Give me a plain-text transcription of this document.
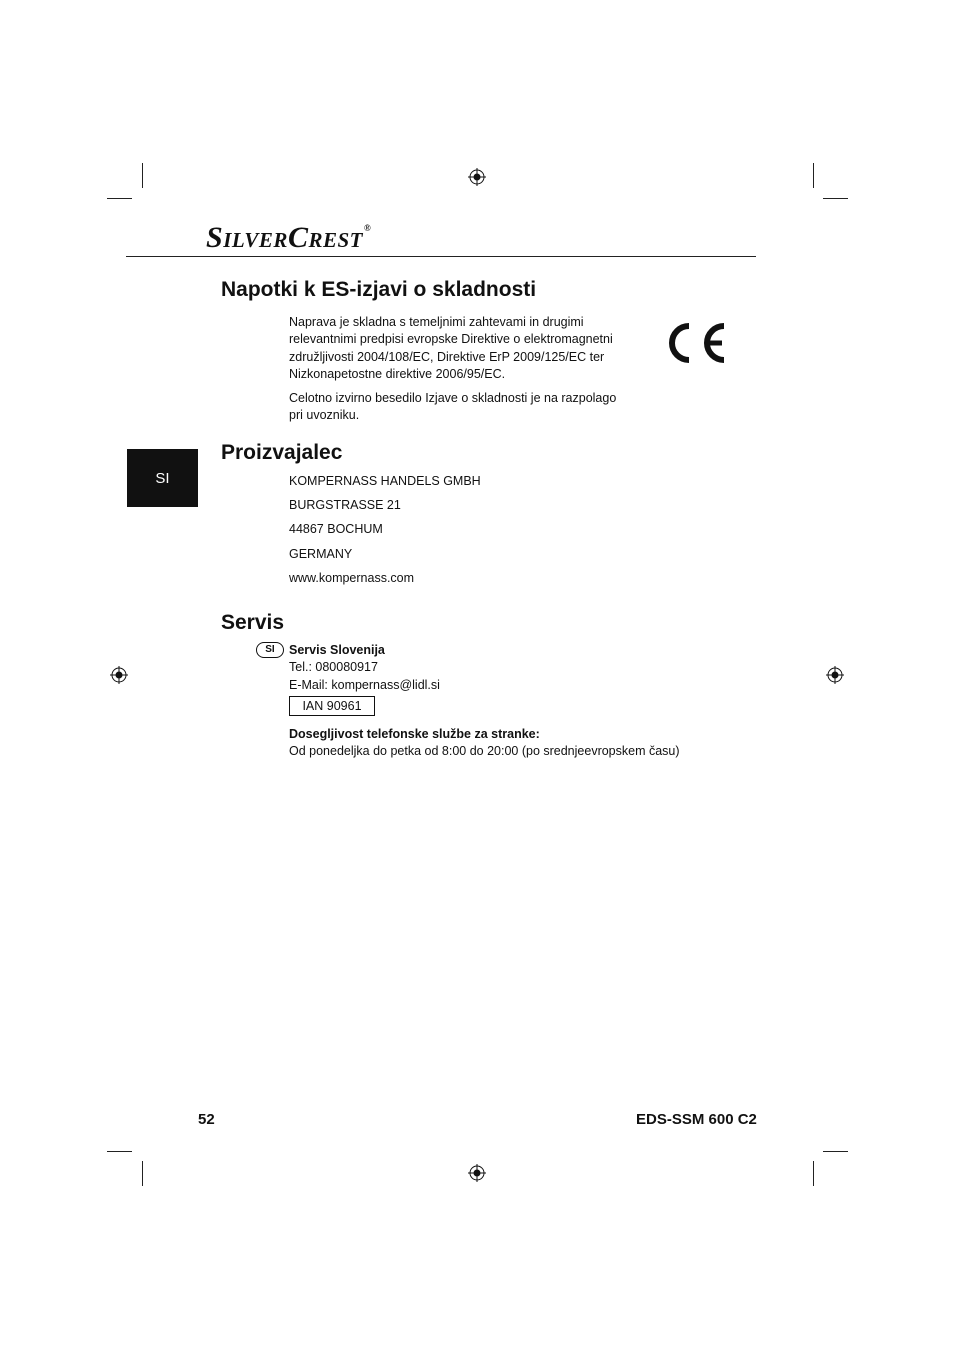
SILVERCREST®
Napotki k ES-izjavi o skladnosti
Naprava je skladna s temeljnimi zahtevami in drugimi
relevantnimi predpisi evropske Direktive o elektromagnetni
združljivosti 2004/108/EC, Direktive ErP 2009/125/EC ter
Nizkonapetostne direktive 2006/95/EC.
Celotno izvirno besedilo Izjave o skladnosti je na razpolago
pri uvozniku.
SI
Proizvajalec
KOMPERNASS HANDELS GMBH
BURGSTRASSE 21
44867 BOCHUM
GERMANY
www.kompernass.com
Servis
SI Servis Slovenija
Tel.: 080080917
E-Mail: kompernass@lidl.si
IAN 90961
Dosegljivost telefonske službe za stranke:
Od ponedeljka do petka od 8:00 do 20:00 (po srednjeevropskem času)
52	EDS-SSM 600 C2
